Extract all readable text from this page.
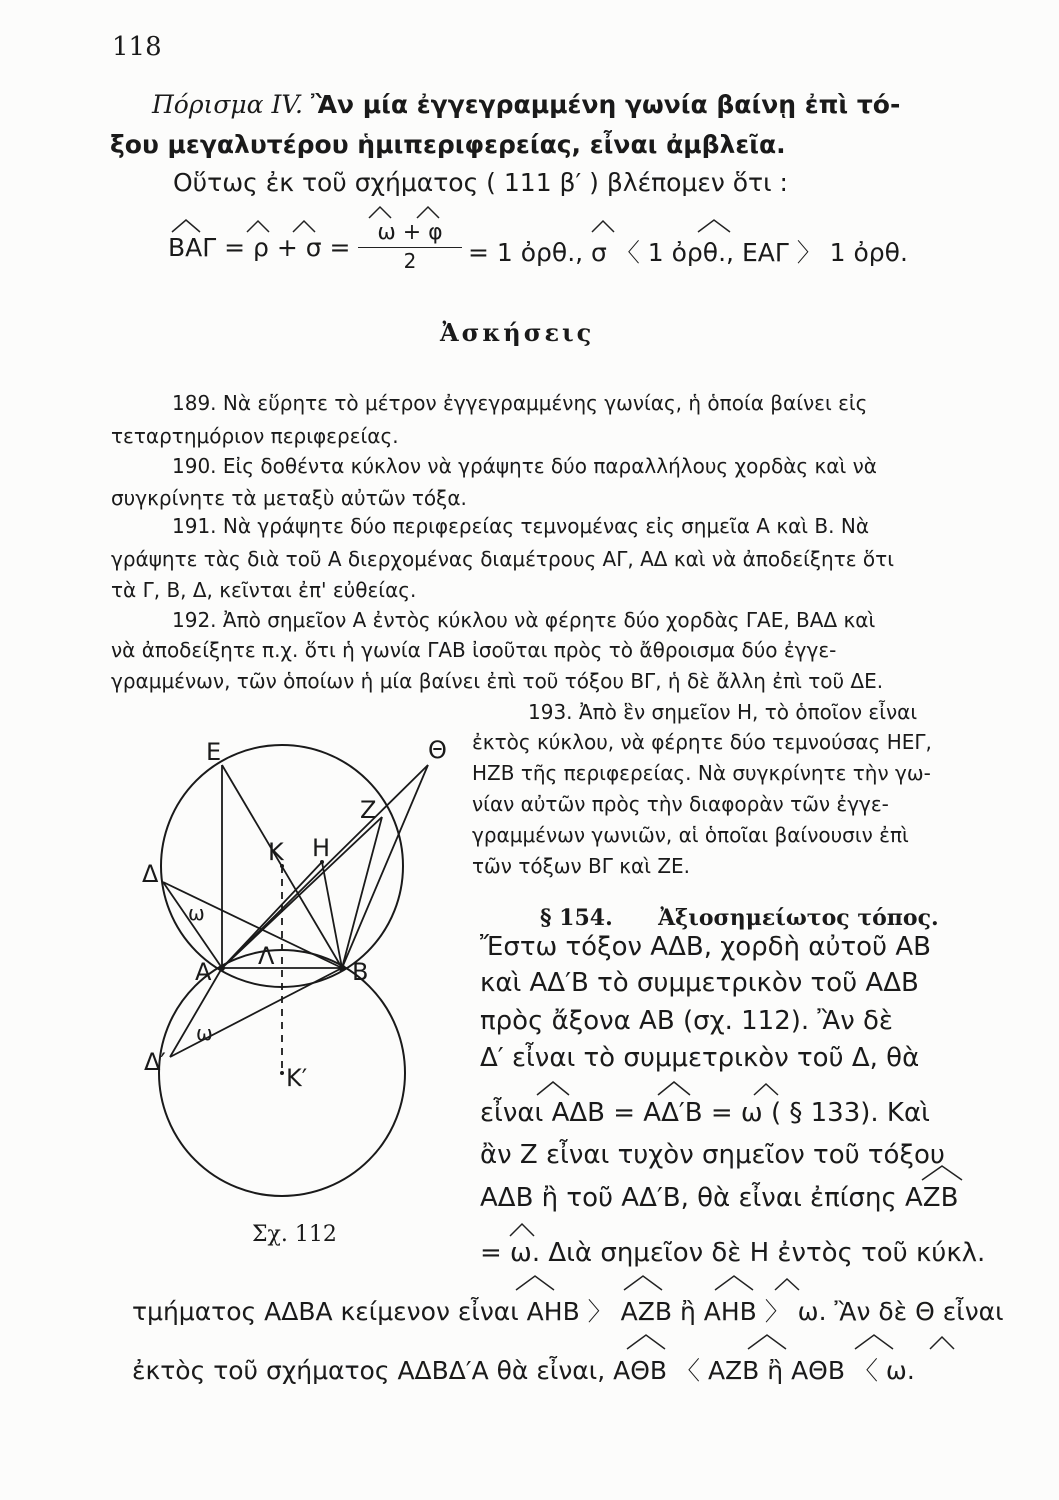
118
Πόρισμα IV. Ἂν μία ἐγγεγραμμένη γωνία βαίνῃ ἐπὶ τό-
ξου μεγαλυτέρου ἡμιπεριφερείας, εἶναι ἀμβλεῖα.
Οὕτως ἐκ τοῦ σχήματος ( 111 β′ ) βλέπομεν ὅτι :
ΒΑΓ = ρ + σ =
ω + φ
2	= 1 ὀρθ., σ 〈 1 ὀρθ., ΕΑΓ 〉 1 ὀρθ.
Ἀσκήσεις
189. Νὰ εὕρητε τὸ μέτρον ἐγγεγραμμένης γωνίας, ἡ ὁποία βαίνει εἰς
τεταρτημόριον περιφερείας.
190. Εἰς δοθέντα κύκλον νὰ γράψητε δύο παραλλήλους χορδὰς καὶ νὰ
συγκρίνητε τὰ μεταξὺ αὐτῶν τόξα.
191. Νὰ γράψητε δύο περιφερείας τεμνομένας εἰς σημεῖα Α καὶ Β. Νὰ
γράψητε τὰς διὰ τοῦ Α διερχομένας διαμέτρους ΑΓ, ΑΔ καὶ νὰ ἀποδείξητε ὅτι
τὰ Γ, Β, Δ, κεῖνται ἐπ' εὐθείας.
192. Ἀπὸ σημεῖον Α ἐντὸς κύκλου νὰ φέρητε δύο χορδὰς ΓΑΕ, ΒΑΔ καὶ
νὰ ἀποδείξητε π.χ. ὅτι ἡ γωνία ΓΑΒ ἰσοῦται πρὸς τὸ ἄθροισμα δύο ἐγγε-
γραμμένων, τῶν ὁποίων ἡ μία βαίνει ἐπὶ τοῦ τόξου ΒΓ, ἡ δὲ ἄλλη ἐπὶ τοῦ ΔΕ.
193. Ἀπὸ ἓν σημεῖον Η, τὸ ὁποῖον εἶναι
ἐκτὸς κύκλου, νὰ φέρητε δύο τεμνούσας ΗΕΓ,
ΗΖΒ τῆς περιφερείας. Νὰ συγκρίνητε τὴν γω-
νίαν αὐτῶν πρὸς τὴν διαφορὰν τῶν ἐγγε-
γραμμένων γωνιῶν, αἱ ὁποῖαι βαίνουσιν ἐπὶ
τῶν τόξων ΒΓ καὶ ΖΕ.
§ 154. Ἀξιοσημείωτος τόπος.
Ἔστω τόξον ΑΔΒ, χορδὴ αὐτοῦ ΑΒ
καὶ ΑΔ′Β τὸ συμμετρικὸν τοῦ ΑΔΒ
πρὸς ἄξονα ΑΒ (σχ. 112). Ἂν δὲ
Δ′ εἶναι τὸ συμμετρικὸν τοῦ Δ, θὰ
εἶναι ΑΔΒ = ΑΔ′Β = ω ( § 133). Καὶ
ἂν Ζ εἶναι τυχὸν σημεῖον τοῦ τόξου
ΑΔΒ ἢ τοῦ ΑΔ′Β, θὰ εἶναι ἐπίσης ΑΖΒ
= ω. Διὰ σημεῖον δὲ Η ἐντὸς τοῦ κύκλ.
τμήματος ΑΔΒΑ κείμενον εἶναι ΑΗΒ 〉 ΑΖΒ ἢ ΑΗΒ 〉 ω. Ἂν δὲ Θ εἶναι
ἐκτὸς τοῦ σχήματος ΑΔΒΔ′Α θὰ εἶναι, ΑΘΒ 〈 ΑΖΒ ἢ ΑΘΒ 〈 ω.
Ε	Θ
Ζ
Κ Η
Δ
ω
Α
Λ
Β
Δ′
ω
Κ′
Σχ. 112
